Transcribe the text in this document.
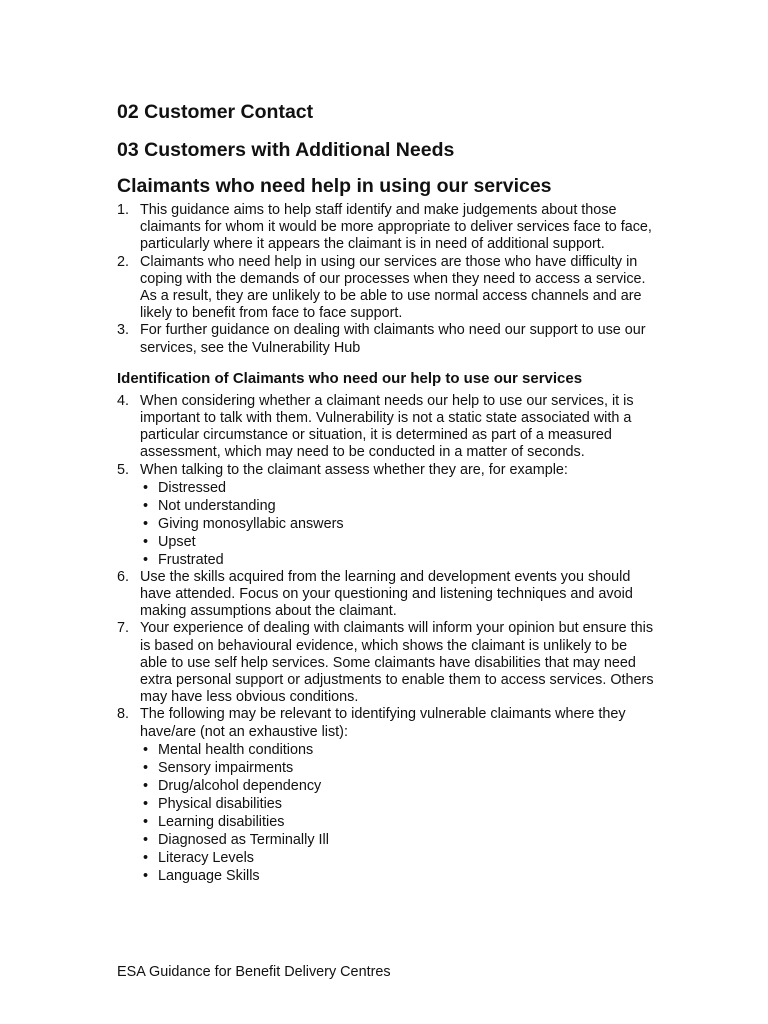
02 Customer Contact
03 Customers with Additional Needs
Claimants who need help in using our services
1. This guidance aims to help staff identify and make judgements about those claimants for whom it would be more appropriate to deliver services face to face, particularly where it appears the claimant is in need of additional support.
2. Claimants who need help in using our services are those who have difficulty in coping with the demands of our processes when they need to access a service. As a result, they are unlikely to be able to use normal access channels and are likely to benefit from face to face support.
3. For further guidance on dealing with claimants who need our support to use our services, see the Vulnerability Hub
Identification of Claimants who need our help to use our services
4. When considering whether a claimant needs our help to use our services, it is important to talk with them. Vulnerability is not a static state associated with a particular circumstance or situation, it is determined as part of a measured assessment, which may need to be conducted in a matter of seconds.
5. When talking to the claimant assess whether they are, for example:
• Distressed
• Not understanding
• Giving monosyllabic answers
• Upset
• Frustrated
6. Use the skills acquired from the learning and development events you should have attended. Focus on your questioning and listening techniques and avoid making assumptions about the claimant.
7. Your experience of dealing with claimants will inform your opinion but ensure this is based on behavioural evidence, which shows the claimant is unlikely to be able to use self help services. Some claimants have disabilities that may need extra personal support or adjustments to enable them to access services. Others may have less obvious conditions.
8. The following may be relevant to identifying vulnerable claimants where they have/are (not an exhaustive list):
• Mental health conditions
• Sensory impairments
• Drug/alcohol dependency
• Physical disabilities
• Learning disabilities
• Diagnosed as Terminally Ill
• Literacy Levels
• Language Skills
ESA Guidance for Benefit Delivery Centres
